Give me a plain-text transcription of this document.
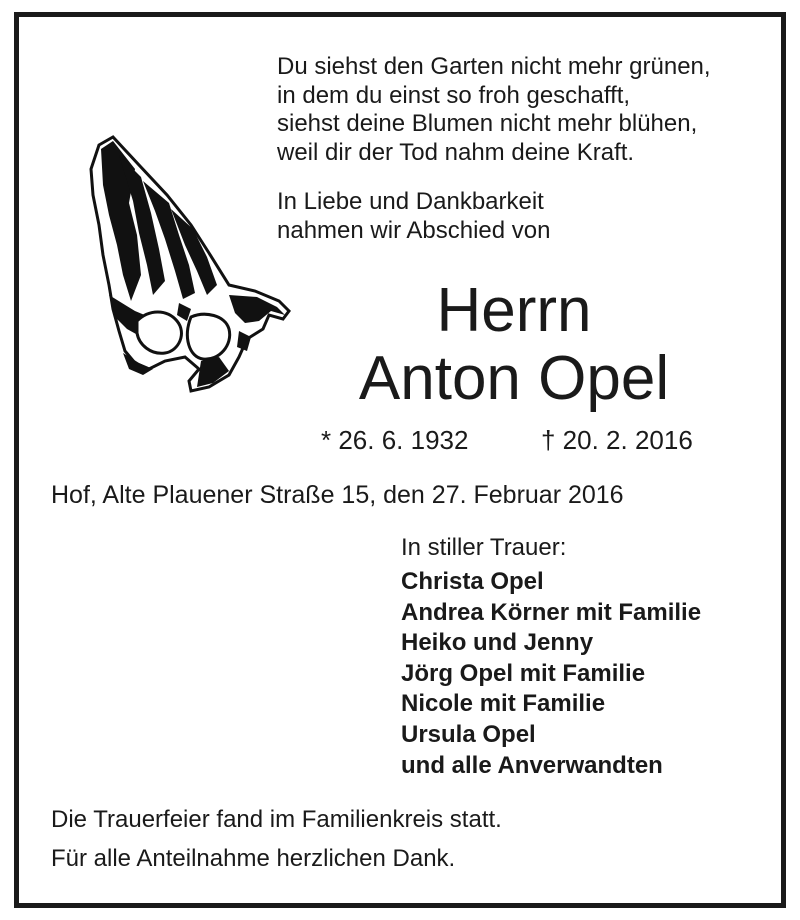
Du siehst den Garten nicht mehr grünen,
in dem du einst so froh geschafft,
siehst deine Blumen nicht mehr blühen,
weil dir der Tod nahm deine Kraft.
In Liebe und Dankbarkeit
nahmen wir Abschied von
Herrn
Anton Opel
* 26. 6. 1932	† 20. 2. 2016
Hof, Alte Plauener Straße 15, den 27. Februar 2016
In stiller Trauer:
Christa Opel
Andrea Körner mit Familie
Heiko und Jenny
Jörg Opel mit Familie
Nicole mit Familie
Ursula Opel
und alle Anverwandten
Die Trauerfeier fand im Familienkreis statt.
Für alle Anteilnahme herzlichen Dank.
